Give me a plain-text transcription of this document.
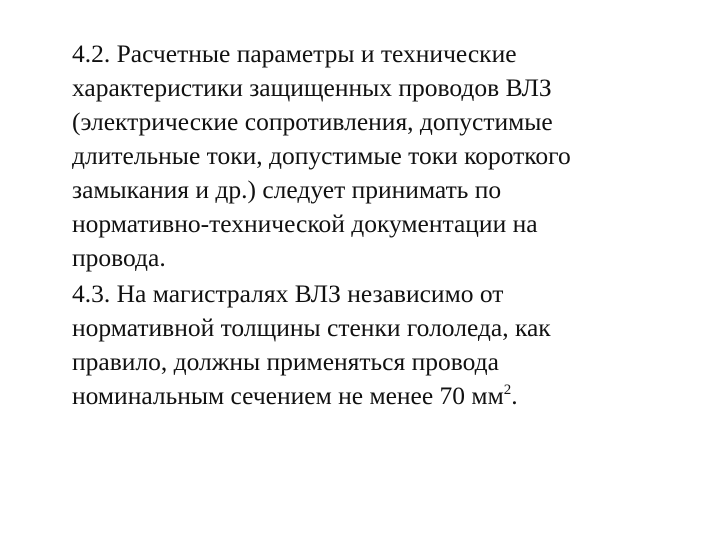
4.2. Расчетные параметры и технические
характеристики защищенных проводов ВЛЗ
(электрические сопротивления, допустимые
длительные токи, допустимые токи короткого
замыкания и др.) следует принимать по
нормативно-технической документации на
провода.

4.3. На магистралях ВЛЗ независимо от
нормативной толщины стенки гололеда, как
правило, должны применяться провода
номинальным сечением не менее 70 $мм^2$.
